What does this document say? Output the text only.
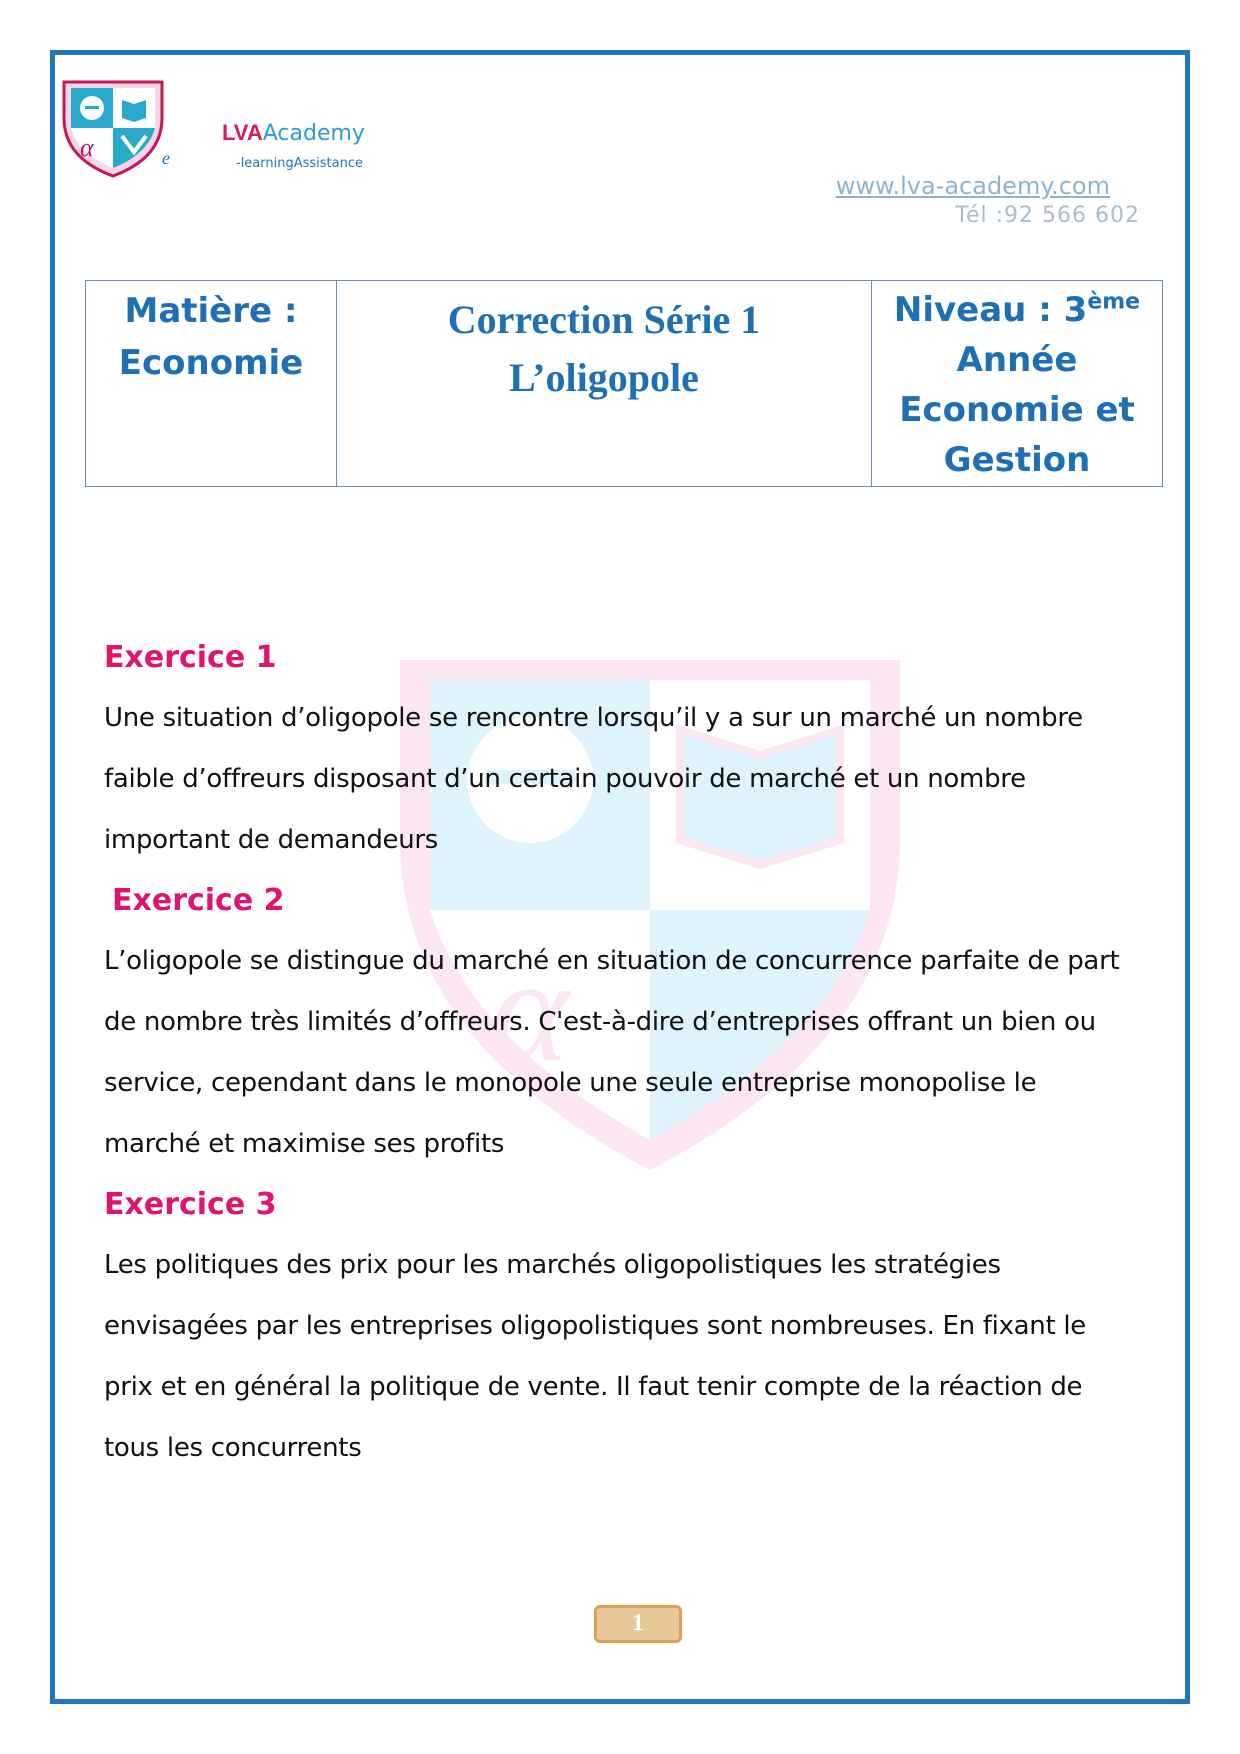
α	e
LVAAcademy
-learningAssistance
www.lva-academy.com
Tél :92 566 602
Matière :
Economie

Correction Série 1
L’oligopole

Niveau : 3ème
Année
Economie et
Gestion
α
Exercice 1

Une situation d’oligopole se rencontre lorsqu’il y a sur un marché un nombre
faible d’offreurs disposant d’un certain pouvoir de marché et un nombre
important de demandeurs

Exercice 2

L’oligopole se distingue du marché en situation de concurrence parfaite de part
de nombre très limités d’offreurs. C'est-à-dire d’entreprises offrant un bien ou
service, cependant dans le monopole une seule entreprise monopolise le
marché et maximise ses profits

Exercice 3

Les politiques des prix pour les marchés oligopolistiques les stratégies
envisagées par les entreprises oligopolistiques sont nombreuses. En fixant le
prix et en général la politique de vente. Il faut tenir compte de la réaction de
tous les concurrents

1
